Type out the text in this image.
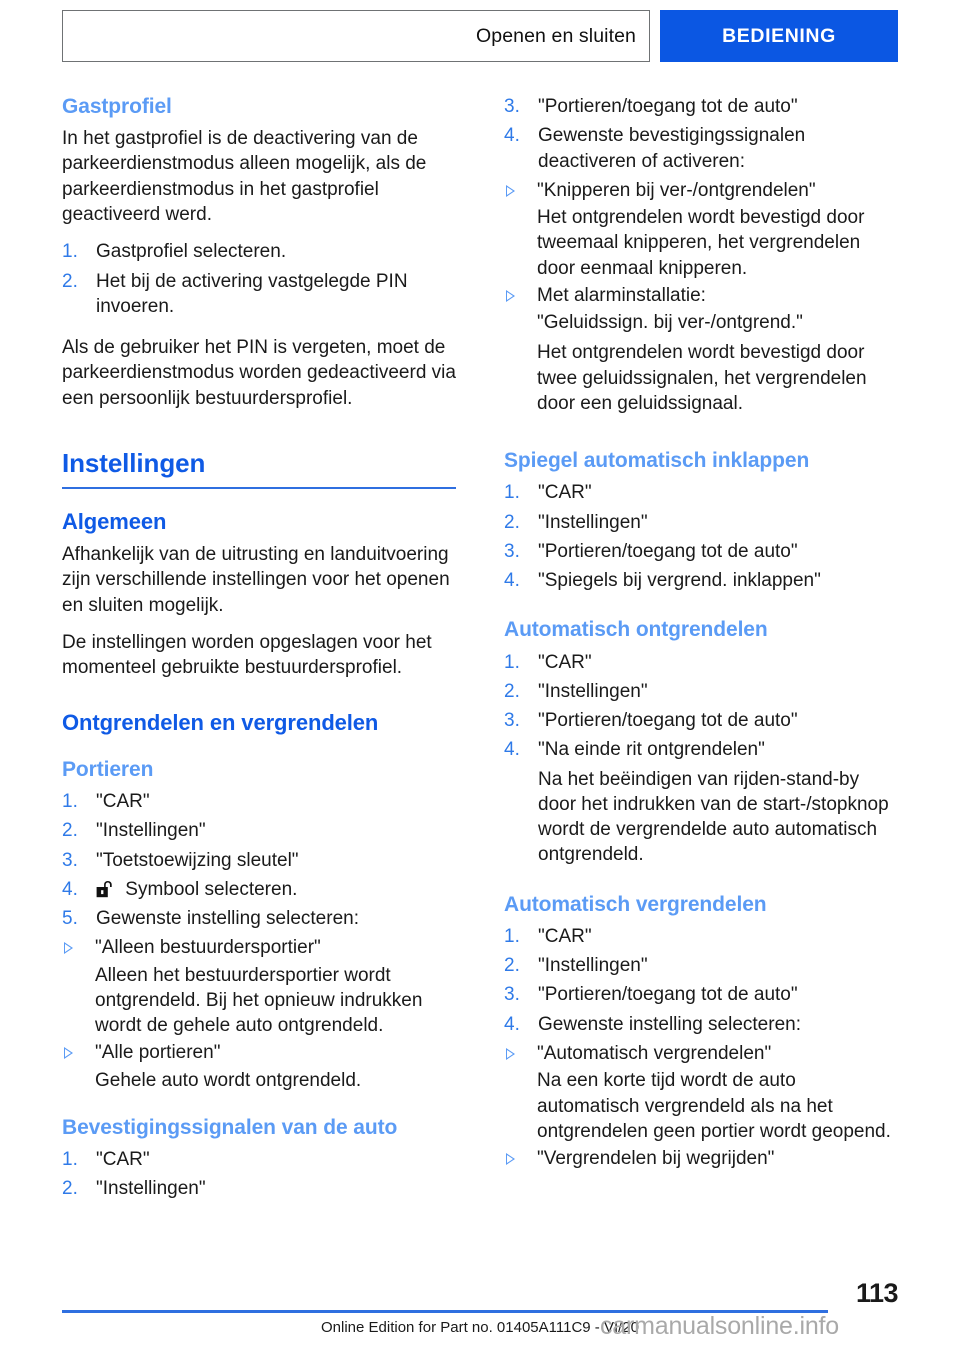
Openen en sluiten	BEDIENING
Gastprofiel

In het gastprofiel is de deactivering van de parkeerdienstmodus alleen mogelijk, als de parkeerdienstmodus in het gastprofiel geactiveerd werd.

1. Gastprofiel selecteren.
2. Het bij de activering vastgelegde PIN invoeren.

Als de gebruiker het PIN is vergeten, moet de parkeerdienstmodus worden gedeactiveerd via een persoonlijk bestuurdersprofiel.

Instellingen
Algemeen

Afhankelijk van de uitrusting en landuitvoering zijn verschillende instellingen voor het openen en sluiten mogelijk.

De instellingen worden opgeslagen voor het momenteel gebruikte bestuurdersprofiel.

Ontgrendelen en vergrendelen
Portieren
1. "CAR"
2. "Instellingen"
3. "Toetstoewijzing sleutel"
4. Symbool selecteren.
5. Gewenste instelling selecteren:
"Alleen bestuurdersportier"

Alleen het bestuurdersportier wordt ontgrendeld. Bij het opnieuw indrukken wordt de gehele auto ontgrendeld.

"Alle portieren"

Gehele auto wordt ontgrendeld.

Bevestigingssignalen van de auto
1. "CAR"
2. "Instellingen"
3. "Portieren/toegang tot de auto"
4. Gewenste bevestigingssignalen deactiveren of activeren:
"Knipperen bij ver-/ontgrendelen"

Het ontgrendelen wordt bevestigd door tweemaal knipperen, het vergrendelen door eenmaal knipperen.

Met alarminstallatie:

"Geluidssign. bij ver-/ontgrend."

Het ontgrendelen wordt bevestigd door twee geluidssignalen, het vergrendelen door een geluidssignaal.

Spiegel automatisch inklappen
1. "CAR"
2. "Instellingen"
3. "Portieren/toegang tot de auto"
4. "Spiegels bij vergrend. inklappen"
Automatisch ontgrendelen
1. "CAR"
2. "Instellingen"
3. "Portieren/toegang tot de auto"
4. "Na einde rit ontgrendelen"

Na het beëindigen van rijden-stand-by door het indrukken van de start-/stopknop wordt de vergrendelde auto automatisch ontgrendeld.

Automatisch vergrendelen
1. "CAR"
2. "Instellingen"
3. "Portieren/toegang tot de auto"
4. Gewenste instelling selecteren:
"Automatisch vergrendelen"

Na een korte tijd wordt de auto automatisch vergrendeld als na het ontgrendelen geen portier wordt geopend.

"Vergrendelen bij wegrijden"
113
Online Edition for Part no. 01405A111C9 - VI/20
carmanualsonline.info
